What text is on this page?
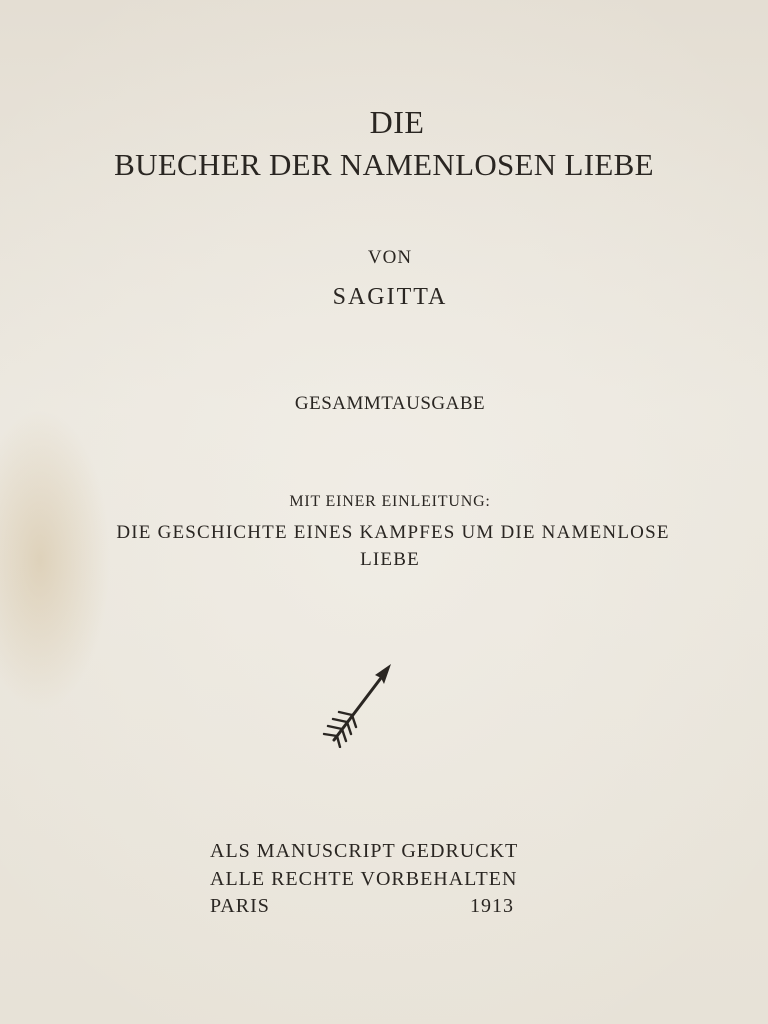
DIE
BUECHER DER NAMENLOSEN LIEBE

VON

SAGITTA

GESAMMTAUSGABE

MIT EINER EINLEITUNG:

DIE GESCHICHTE EINES KAMPFES UM DIE NAMENLOSE

LIEBE

ALS MANUSCRIPT GEDRUCKT

ALLE RECHTE VORBEHALTEN

PARIS	1913
